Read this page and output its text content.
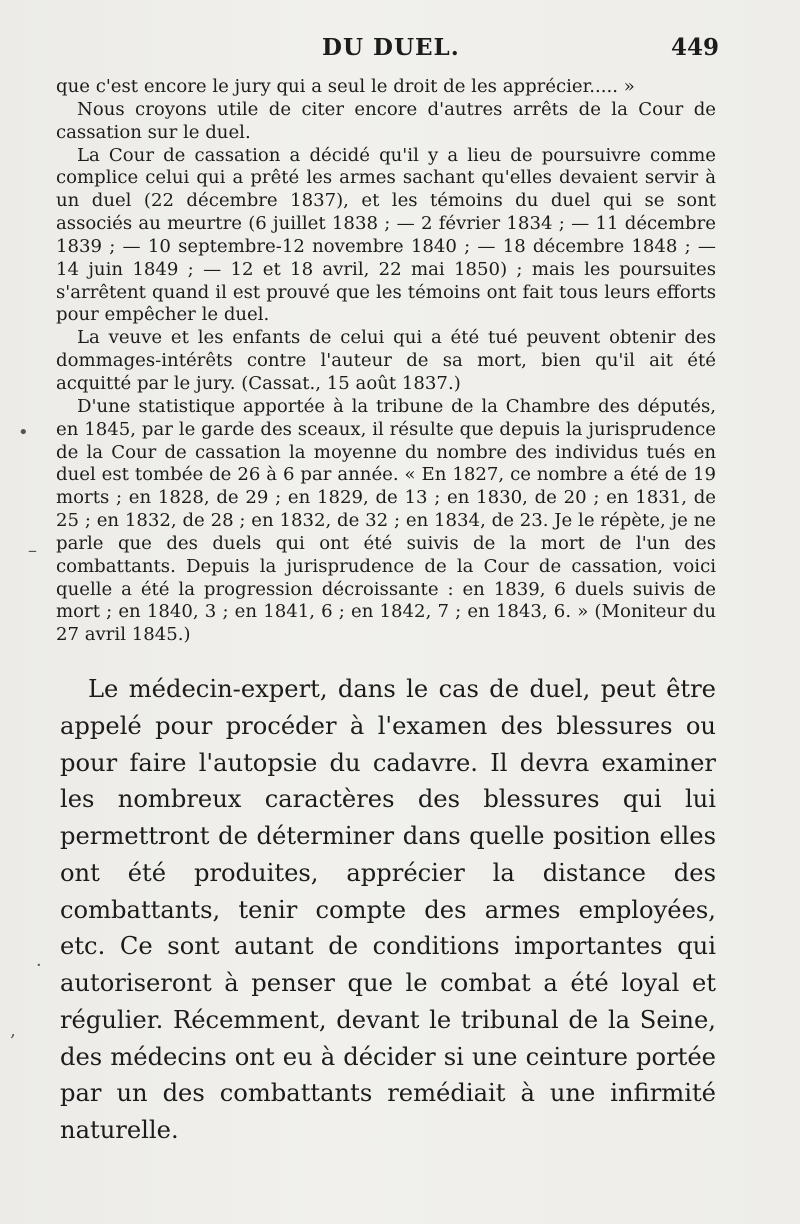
DU DUEL.	449

que c'est encore le jury qui a seul le droit de les apprécier..... »

Nous croyons utile de citer encore d'autres arrêts de la Cour de cassation sur le duel.

La Cour de cassation a décidé qu'il y a lieu de poursuivre comme complice celui qui a prêté les armes sachant qu'elles devaient servir à un duel (22 décembre 1837), et les témoins du duel qui se sont associés au meurtre (6 juillet 1838 ; — 2 février 1834 ; — 11 décembre 1839 ; — 10 septembre-12 novembre 1840 ; — 18 décembre 1848 ; — 14 juin 1849 ; — 12 et 18 avril, 22 mai 1850) ; mais les poursuites s'arrêtent quand il est prouvé que les témoins ont fait tous leurs efforts pour empêcher le duel.

La veuve et les enfants de celui qui a été tué peuvent obtenir des dommages-intérêts contre l'auteur de sa mort, bien qu'il ait été acquitté par le jury. (Cassat., 15 août 1837.)

D'une statistique apportée à la tribune de la Chambre des députés, en 1845, par le garde des sceaux, il résulte que depuis la jurisprudence de la Cour de cassation la moyenne du nombre des individus tués en duel est tombée de 26 à 6 par année. « En 1827, ce nombre a été de 19 morts ; en 1828, de 29 ; en 1829, de 13 ; en 1830, de 20 ; en 1831, de 25 ; en 1832, de 28 ; en 1832, de 32 ; en 1834, de 23. Je le répète, je ne parle que des duels qui ont été suivis de la mort de l'un des combattants. Depuis la jurisprudence de la Cour de cassation, voici quelle a été la progression décroissante : en 1839, 6 duels suivis de mort ; en 1840, 3 ; en 1841, 6 ; en 1842, 7 ; en 1843, 6. » (Moniteur du 27 avril 1845.)

Le médecin-expert, dans le cas de duel, peut être appelé pour procéder à l'examen des blessures ou pour faire l'autopsie du cadavre. Il devra examiner les nombreux caractères des blessures qui lui permettront de déterminer dans quelle position elles ont été produites, apprécier la distance des combattants, tenir compte des armes employées, etc. Ce sont autant de conditions importantes qui autoriseront à penser que le combat a été loyal et régulier. Récemment, devant le tribunal de la Seine, des médecins ont eu à décider si une ceinture portée par un des combattants remédiait à une infirmité naturelle.

•
–
·
‚
